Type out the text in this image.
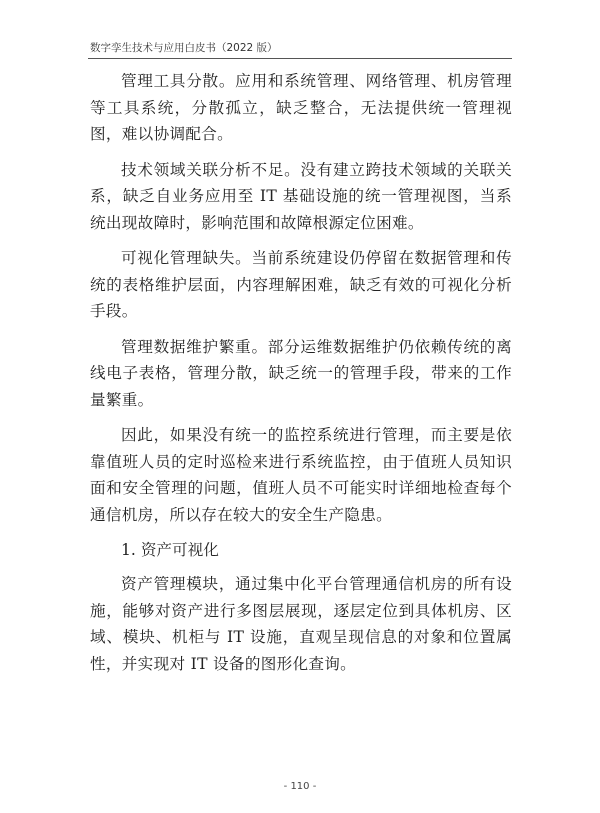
数字孪生技术与应用白皮书（2022 版）

管理工具分散。应用和系统管理、网络管理、机房管理等工具系统，分散孤立，缺乏整合，无法提供统一管理视图，难以协调配合。

技术领域关联分析不足。没有建立跨技术领域的关联关系，缺乏自业务应用至 IT 基础设施的统一管理视图，当系统出现故障时，影响范围和故障根源定位困难。

可视化管理缺失。当前系统建设仍停留在数据管理和传统的表格维护层面，内容理解困难，缺乏有效的可视化分析手段。

管理数据维护繁重。部分运维数据维护仍依赖传统的离线电子表格，管理分散，缺乏统一的管理手段，带来的工作量繁重。

因此，如果没有统一的监控系统进行管理，而主要是依靠值班人员的定时巡检来进行系统监控，由于值班人员知识面和安全管理的问题，值班人员不可能实时详细地检查每个通信机房，所以存在较大的安全生产隐患。

1. 资产可视化

资产管理模块，通过集中化平台管理通信机房的所有设施，能够对资产进行多图层展现，逐层定位到具体机房、区域、模块、机柜与 IT 设施，直观呈现信息的对象和位置属性，并实现对 IT 设备的图形化查询。

- 110 -
